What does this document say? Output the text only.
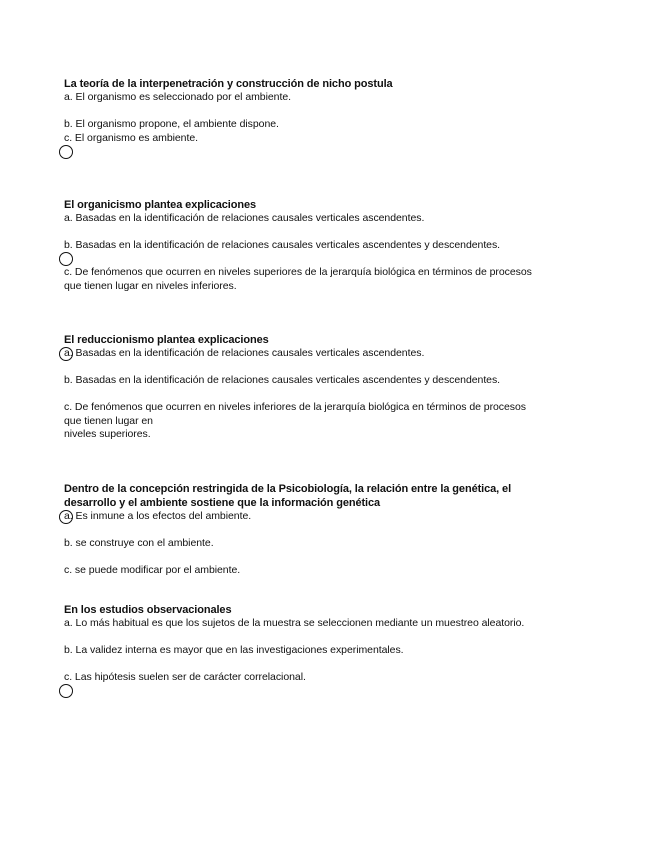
La teoría de la interpenetración y construcción de nicho postula

a. El organismo es seleccionado por el ambiente.

b. El organismo propone, el ambiente dispone.

c. El organismo es ambiente.

El organicismo plantea explicaciones

a. Basadas en la identificación de relaciones causales verticales ascendentes.

b. Basadas en la identificación de relaciones causales verticales ascendentes y descendentes.

c. De fenómenos que ocurren en niveles superiores de la jerarquía biológica en términos de procesos
que tienen lugar en niveles inferiores.

El reduccionismo plantea explicaciones

a. Basadas en la identificación de relaciones causales verticales ascendentes.

b. Basadas en la identificación de relaciones causales verticales ascendentes y descendentes.

c. De fenómenos que ocurren en niveles inferiores de la jerarquía biológica en términos de procesos
que tienen lugar en
niveles superiores.

Dentro de la concepción restringida de la Psicobiología, la relación entre la genética, el
desarrollo y el ambiente sostiene que la información genética

a. Es inmune a los efectos del ambiente.

b. se construye con el ambiente.

c. se puede modificar por el ambiente.

En los estudios observacionales

a. Lo más habitual es que los sujetos de la muestra se seleccionen mediante un muestreo aleatorio.

b. La validez interna es mayor que en las investigaciones experimentales.

c. Las hipótesis suelen ser de carácter correlacional.
